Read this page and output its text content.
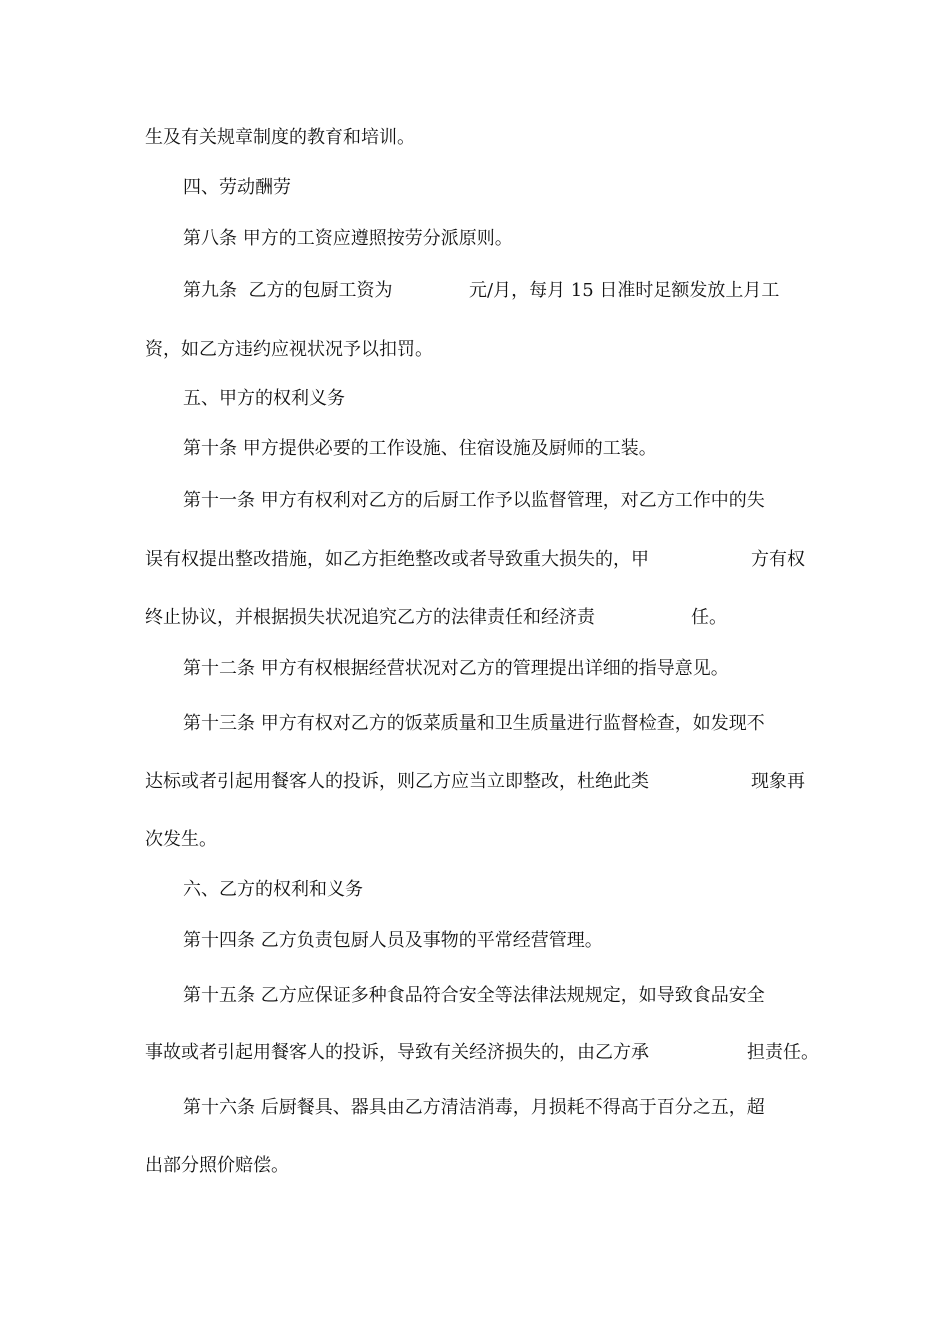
生及有关规章制度的教育和培训。
四、劳动酬劳
第八条 甲方的工资应遵照按劳分派原则。
第九条  乙方的包厨工资为	元/月，每月 15 日准时足额发放上月工
资，如乙方违约应视状况予以扣罚。
五、甲方的权利义务
第十条 甲方提供必要的工作设施、住宿设施及厨师的工装。
第十一条 甲方有权利对乙方的后厨工作予以监督管理，对乙方工作中的失
误有权提出整改措施，如乙方拒绝整改或者导致重大损失的，甲	方有权
终止协议，并根据损失状况追究乙方的法律责任和经济责	任。
第十二条 甲方有权根据经营状况对乙方的管理提出详细的指导意见。
第十三条 甲方有权对乙方的饭菜质量和卫生质量进行监督检查，如发现不
达标或者引起用餐客人的投诉，则乙方应当立即整改，杜绝此类	现象再
次发生。
六、乙方的权利和义务
第十四条 乙方负责包厨人员及事物的平常经营管理。
第十五条 乙方应保证多种食品符合安全等法律法规规定，如导致食品安全
事故或者引起用餐客人的投诉，导致有关经济损失的，由乙方承	担责任。
第十六条 后厨餐具、器具由乙方清洁消毒，月损耗不得高于百分之五，超
出部分照价赔偿。
